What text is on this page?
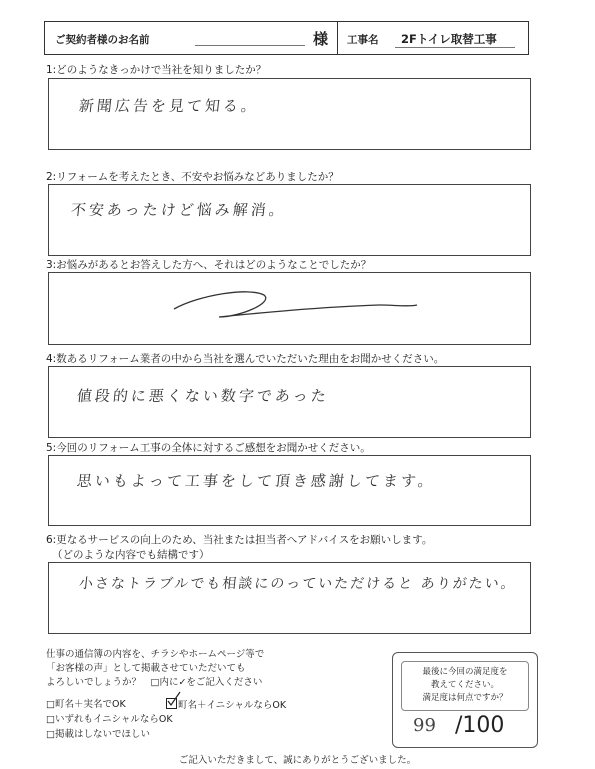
ご契約者様のお名前	様 工事名 2Fトイレ取替工事
1:どのようなきっかけで当社を知りましたか？
新聞広告を見て知る。
2:リフォームを考えたとき、不安やお悩みなどありましたか？
不安あったけど悩み解消。
3:お悩みがあるとお答えした方へ、それはどのようなことでしたか？
4:数あるリフォーム業者の中から当社を選んでいただいた理由をお聞かせください。
値段的に悪くない数字であった
5:今回のリフォーム工事の全体に対するご感想をお聞かせください。
思いもよって工事をして頂き感謝してます。
6:更なるサービスの向上のため、当社または担当者へアドバイスをお願いします。
（どのような内容でも結構です）
小さなトラブルでも相談にのっていただけると ありがたい。
仕事の通信簿の内容を、チラシやホームページ等で
「お客様の声」として掲載させていただいても
よろしいでしょうか？　□内に✓をご記入ください
□町名＋実名でOK	町名＋イニシャルならOK
□いずれもイニシャルならOK
□掲載はしないでほしい
最後に今回の満足度を
教えてください。
満足度は何点ですか？
99 /100
ご記入いただきまして、誠にありがとうございました。
